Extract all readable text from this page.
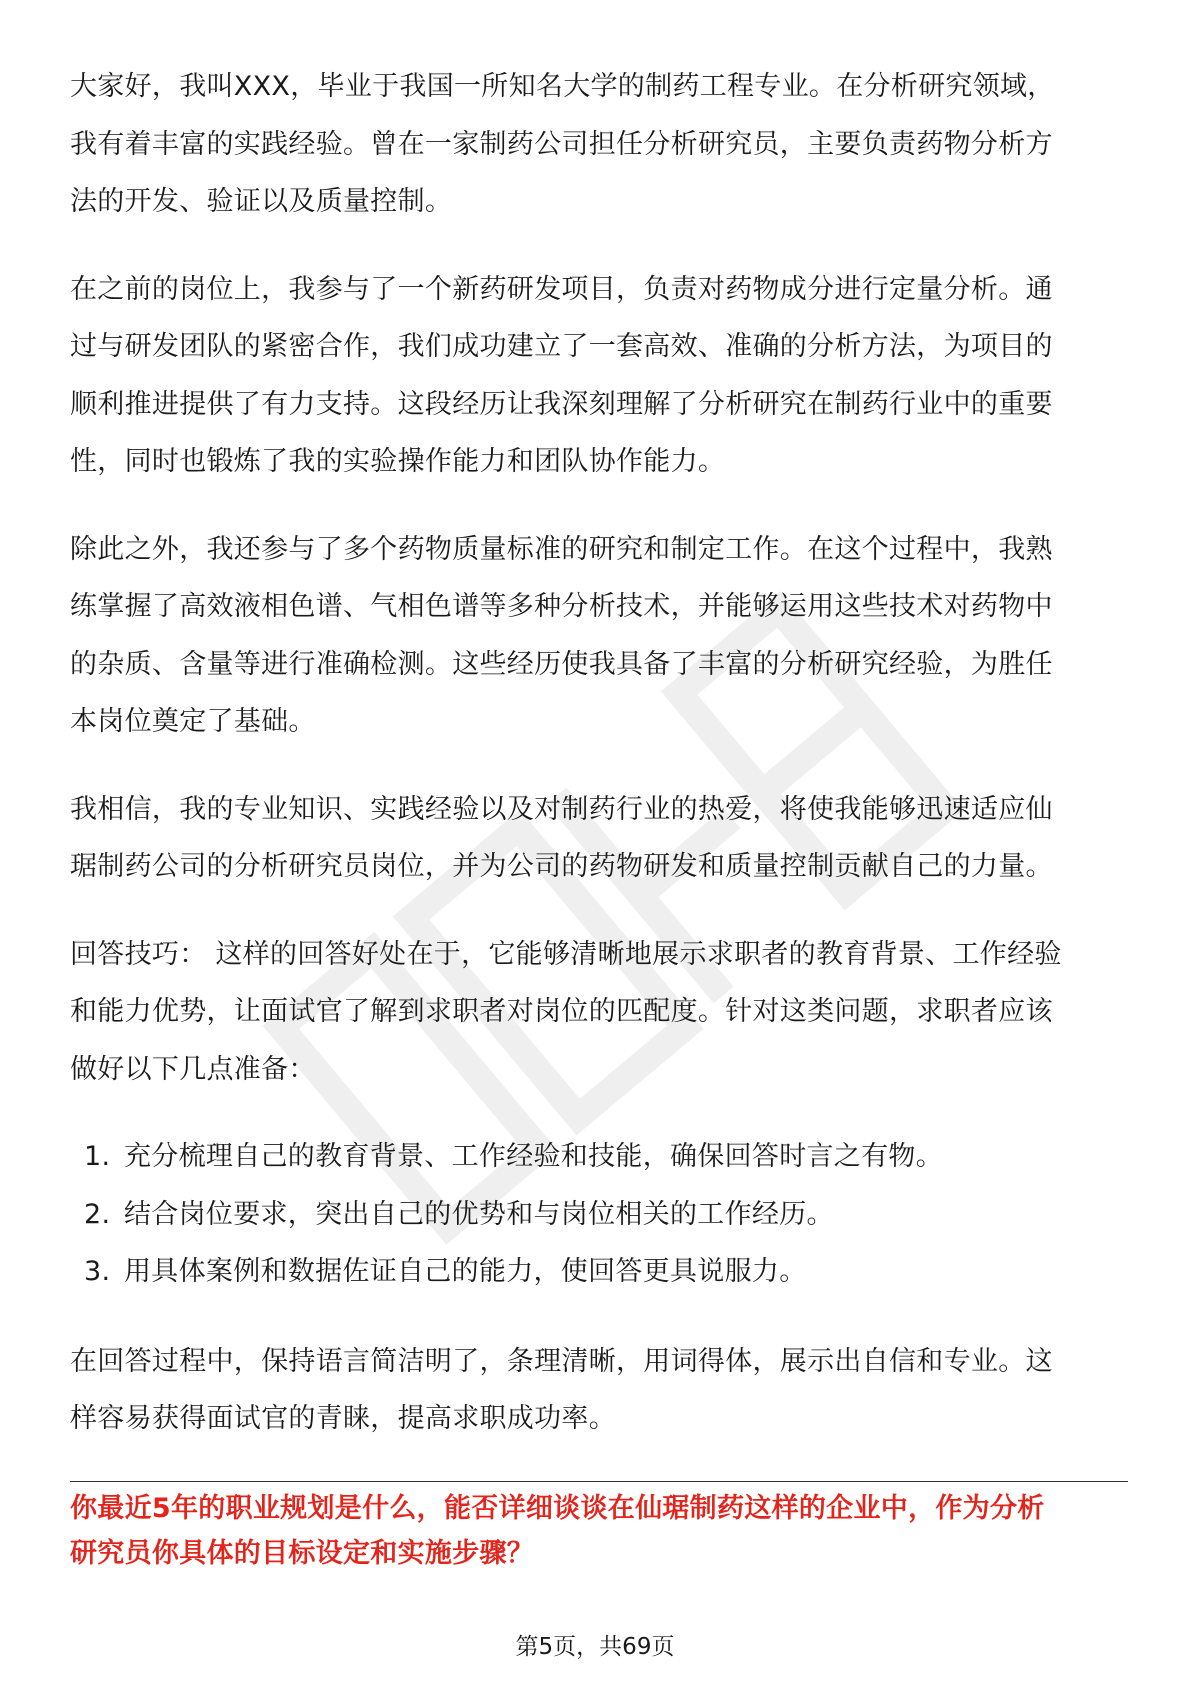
大家好，我叫XXX，毕业于我国一所知名大学的制药工程专业。在分析研究领域，
我有着丰富的实践经验。曾在一家制药公司担任分析研究员，主要负责药物分析方
法的开发、验证以及质量控制。

在之前的岗位上，我参与了一个新药研发项目，负责对药物成分进行定量分析。通
过与研发团队的紧密合作，我们成功建立了一套高效、准确的分析方法，为项目的
顺利推进提供了有力支持。这段经历让我深刻理解了分析研究在制药行业中的重要
性，同时也锻炼了我的实验操作能力和团队协作能力。

除此之外，我还参与了多个药物质量标准的研究和制定工作。在这个过程中，我熟
练掌握了高效液相色谱、气相色谱等多种分析技术，并能够运用这些技术对药物中
的杂质、含量等进行准确检测。这些经历使我具备了丰富的分析研究经验，为胜任
本岗位奠定了基础。

我相信，我的专业知识、实践经验以及对制药行业的热爱，将使我能够迅速适应仙
琚制药公司的分析研究员岗位，并为公司的药物研发和质量控制贡献自己的力量。

回答技巧： 这样的回答好处在于，它能够清晰地展示求职者的教育背景、工作经验
和能力优势，让面试官了解到求职者对岗位的匹配度。针对这类问题，求职者应该
做好以下几点准备：

1. 充分梳理自己的教育背景、工作经验和技能，确保回答时言之有物。
2. 结合岗位要求，突出自己的优势和与岗位相关的工作经历。
3. 用具体案例和数据佐证自己的能力，使回答更具说服力。

在回答过程中，保持语言简洁明了，条理清晰，用词得体，展示出自信和专业。这
样容易获得面试官的青睐，提高求职成功率。

你最近5年的职业规划是什么，能否详细谈谈在仙琚制药这样的企业中，作为分析
研究员你具体的目标设定和实施步骤？
第5页，共69页
